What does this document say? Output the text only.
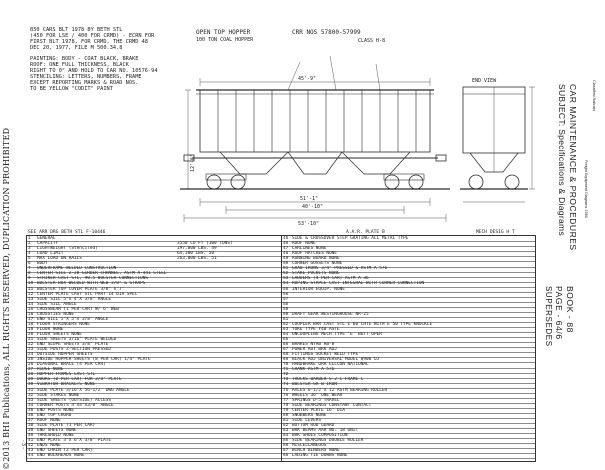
©2013 BHI Publications, ALL RIGHTS RESERVED, DUPLICATION PROHIBITED
Classified Railcars
Freight Equipment Diagrams 1980
CAR MAINTENANCE & PROCEDURES
SUBJECT: Specifications & Diagrams
BOOK - 88
PAGE - 64/6
SUPERSEDES
- 3 -
850 CARS BLT 1978 BY BETH STL
(450 FOR LSE / 400 FOR CRMD) - ECRN FOR
FIRST BLT 1978, FOR CRMD, THE CRMD 48
DEC 20, 1977, FILE M 500.34.8
PAINTING: BODY - COAT BLACK, BRAKE
ROOF: ONE FULL THICKNESS, BLACK
RIGHT TO 0° AND HOLD TO CAR NO. 10576-94
STENCILING: LETTERS, NUMBERS, FRAME
EXCEPT REPORTING MARKS & ROAD NOS.
TO BE YELLOW "CODIT" PAINT
OPEN TOP HOPPER
100 TON COAL HOPPER
CRR NOS 57800-57999
CLASS H-8
END VIEW
51'-1"
40'-10"
53'-10"
45'-9"
12'-6"
SEE ARR DRG BETH STL F-10446	A.A.R. PLATE B	MECH DESIG H T
1	GENERAL
2	CAPACITY	3550 CU FT (100 TONS)
3	LIGHTWEIGHT (Stenciled)	197,000 LBS. 49
4	LOAD LIMIT	64,100 LBS. 50
5	MAX LOAD ON RAILS	263,000 LBS. 51
6	BODY
7	UNDERFRAME WELDED CONSTRUCTION
8	CENTER SILL Z-28 GIRDER CHANNEL, ASTM A-441 STEEL
9	STRIKER CAST STL, 90.5 BOLSTER CONNECTIONS
10 BOLSTER BOX WELDED WITH WEB 3/8" & STRAPS
11 BOLSTER TOP COVER PLATE 3/8" X 7"
12 CENTER PLATE CAST STL PART 14 DIA SPEC
13 SIDE SILL 5"X 4"X 3/8" ANGLE
14 SIDE SILL ANGLE
15 CROSSBEAM (1 PER CAR) W/ 6" WEB
16 CROSSTIES NONE
17 END SILL 5"X 5"X 3/8" ANGLE
18 FLOOR STRINGERS NONE
19 FLOOR NONE
20 FLOOR SHEETS NONE
21 SIDE SHEETS 3/16" PLATE WELDED
22 END SLOPE SHEETS 3/8" PLATE
23 SIDE POSTS Z-SECTION PRESSED
24 OUTSIDE HOPPER SHEETS
25 INSIDE HOPPER SHEETS (8 PER CAR) 1/4" PLATE
26 DIAGONAL BRACE (4 PER CAR)
27 RIDGE NONE
28 HOPPER FRAMES CAST STL
29 DOORS (8 PER CAR) FOR 3/8" PLATE
30 VIBRATOR BRACKETS NONE
31 SIDE PLATE 3/16"X 56-1/2" DWG ANGLE
32 SIDE STAKES NONE
33 SIDE SHEETS (OUTSIDE) ACCESS
34 CORNER POSTS 4"X4"X3/8" ANGLE
35 END POSTS NONE
36 END TOP CHORD
37 ROOF NONE
38 SIDE PLATE (1 PER CAR)
39 END SHEETS NONE
40 THRESHOLD NONE
41 END PLATE 3"X 6"X 3/8" PLATE
42 ENDS NONE
43 END CHAIN (2 PER CAR)
44 END BULKHEADS NONE
45 SIDE & CROSSOVER STEP GRATING ALL METAL TYPE
46 ROOF NONE
47 CARLINES NONE
48 ROOF HATCHES NONE
49 RUNNING BOARD NONE
50 CORNER GUSSETS NONE
51 GRAB IRONS 3/4" PRESSED & ASTM A 576
52 STAKE POCKETS NONE
53 LADDERS (4 PER CAR) ASTM A 36
54 ROPING STAPLE CAST INTEGRAL WITH CORNER CONNECTION
55 INTERIOR EQUIP. NONE
56
57
58
59
60 DRAFT GEAR WESTINGHOUSE NR-25
61
62 COUPLER BAR CAST STL E 60 CHTE WITH E 50 TYPE KNUCKLE
63 YOKE TYPE Y40 ASTE
64 UNCOUPLING MECH TYPE 'E' BOTT OPER
65
66 BRAKES NYAB AB-8
67 POWER AUT BRK ADJ
68 FITTINGS SOCKET WELD TYPE
69 BLACK ADJ UNIVERSAL MODEL 8900 OJ
70 HANDBRAKE ORR ELLCON NATIONAL
71 CRANK ASTM A 576
72
73 TRUCKS BARBER S-2-C FRAME C
74 BOLSTER GR B IRON
75 AXLES 6-1/2 X 12 ASTM BEARING ROLLER
76 WHEELS 36" ONE WEAR
77 SPRINGS D-5 TRAVEL
78 SIDE BEARINGS CONSTANT CONTACT
79 CENTER PLATE 16" DIA
80 SNUBBERS NONE
81 SIDE LEVERS
82 BOTTOM ROD GUARD
83 BRK BEAMS AAR NO. 18 UNIT
84 BRK SHOES COMPOSITION
85 SIDE BEARINGS DOUBLE ROLLER
86 MISCELLANEOUS
87 WINCH BINDERS NONE
88 LADING TIE DOWNS NONE
